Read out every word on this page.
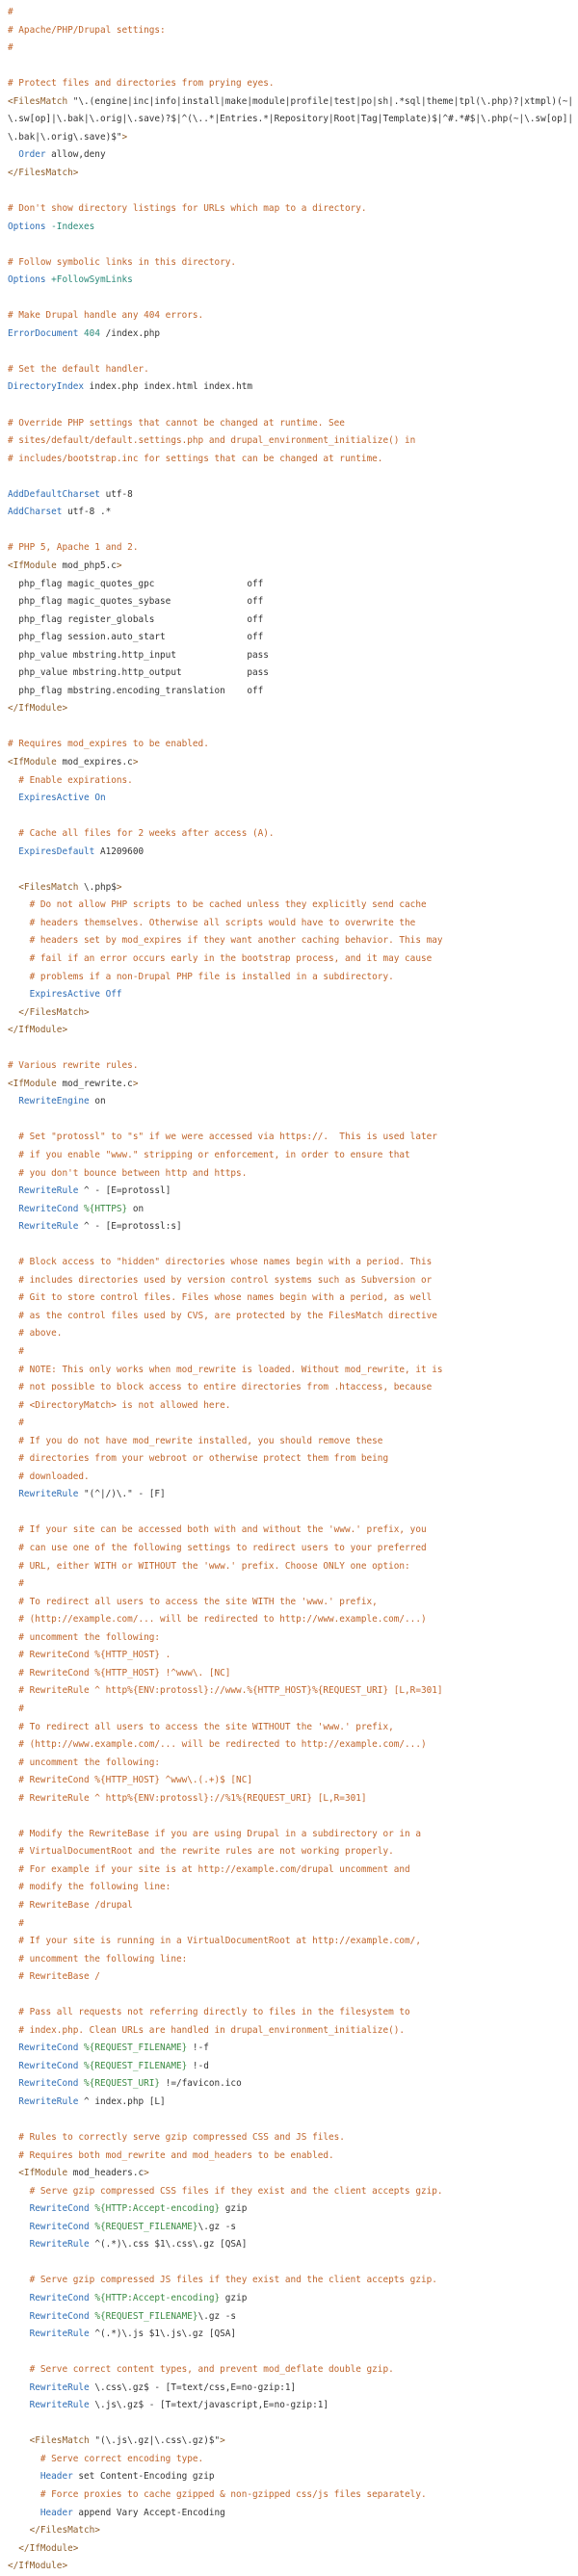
#
# Apache/PHP/Drupal settings:
#

# Protect files and directories from prying eyes.
<FilesMatch "\.(engine|inc|info|install|make|module|profile|test|po|sh|.*sql|theme|tpl(\.php)?|xtmpl)(~|\.sw[op]|\.bak|\.orig|\.save)?$|^(\..*|Entries.*|Repository|Root|Tag|Template)$|^#.*#$|\.php(~|\.sw[op]|\.bak|\.orig\.save)$">
Order allow,deny
</FilesMatch>

# Don't show directory listings for URLs which map to a directory.
Options -Indexes

# Follow symbolic links in this directory.
Options +FollowSymLinks

# Make Drupal handle any 404 errors.
ErrorDocument 404 /index.php

# Set the default handler.
DirectoryIndex index.php index.html index.htm

# Override PHP settings that cannot be changed at runtime. See
# sites/default/default.settings.php and drupal_environment_initialize() in
# includes/bootstrap.inc for settings that can be changed at runtime.

AddDefaultCharset utf-8
AddCharset utf-8 .*

# PHP 5, Apache 1 and 2.
<IfModule mod_php5.c>
php_flag magic_quotes_gpc                 off
php_flag magic_quotes_sybase              off
php_flag register_globals                 off
php_flag session.auto_start               off
php_value mbstring.http_input             pass
php_value mbstring.http_output            pass
php_flag mbstring.encoding_translation    off
</IfModule>

# Requires mod_expires to be enabled.
<IfModule mod_expires.c>
# Enable expirations.
ExpiresActive On

# Cache all files for 2 weeks after access (A).
ExpiresDefault A1209600

<FilesMatch \.php$>
# Do not allow PHP scripts to be cached unless they explicitly send cache
# headers themselves. Otherwise all scripts would have to overwrite the
# headers set by mod_expires if they want another caching behavior. This may
# fail if an error occurs early in the bootstrap process, and it may cause
# problems if a non-Drupal PHP file is installed in a subdirectory.
ExpiresActive Off
</FilesMatch>
</IfModule>

# Various rewrite rules.
<IfModule mod_rewrite.c>
RewriteEngine on

# Set "protossl" to "s" if we were accessed via https://.  This is used later
# if you enable "www." stripping or enforcement, in order to ensure that
# you don't bounce between http and https.
RewriteRule ^ - [E=protossl]
RewriteCond %{HTTPS} on
RewriteRule ^ - [E=protossl:s]

# Block access to "hidden" directories whose names begin with a period. This
# includes directories used by version control systems such as Subversion or
# Git to store control files. Files whose names begin with a period, as well
# as the control files used by CVS, are protected by the FilesMatch directive
# above.
#
# NOTE: This only works when mod_rewrite is loaded. Without mod_rewrite, it is
# not possible to block access to entire directories from .htaccess, because
# <DirectoryMatch> is not allowed here.
#
# If you do not have mod_rewrite installed, you should remove these
# directories from your webroot or otherwise protect them from being
# downloaded.
RewriteRule "(^|/)\." - [F]

# If your site can be accessed both with and without the 'www.' prefix, you
# can use one of the following settings to redirect users to your preferred
# URL, either WITH or WITHOUT the 'www.' prefix. Choose ONLY one option:
#
# To redirect all users to access the site WITH the 'www.' prefix,
# (http://example.com/... will be redirected to http://www.example.com/...)
# uncomment the following:
# RewriteCond %{HTTP_HOST} .
# RewriteCond %{HTTP_HOST} !^www\. [NC]
# RewriteRule ^ http%{ENV:protossl}://www.%{HTTP_HOST}%{REQUEST_URI} [L,R=301]
#
# To redirect all users to access the site WITHOUT the 'www.' prefix,
# (http://www.example.com/... will be redirected to http://example.com/...)
# uncomment the following:
# RewriteCond %{HTTP_HOST} ^www\.(.+)$ [NC]
# RewriteRule ^ http%{ENV:protossl}://%1%{REQUEST_URI} [L,R=301]

# Modify the RewriteBase if you are using Drupal in a subdirectory or in a
# VirtualDocumentRoot and the rewrite rules are not working properly.
# For example if your site is at http://example.com/drupal uncomment and
# modify the following line:
# RewriteBase /drupal
#
# If your site is running in a VirtualDocumentRoot at http://example.com/,
# uncomment the following line:
# RewriteBase /

# Pass all requests not referring directly to files in the filesystem to
# index.php. Clean URLs are handled in drupal_environment_initialize().
RewriteCond %{REQUEST_FILENAME} !-f
RewriteCond %{REQUEST_FILENAME} !-d
RewriteCond %{REQUEST_URI} !=/favicon.ico
RewriteRule ^ index.php [L]

# Rules to correctly serve gzip compressed CSS and JS files.
# Requires both mod_rewrite and mod_headers to be enabled.
<IfModule mod_headers.c>
# Serve gzip compressed CSS files if they exist and the client accepts gzip.
RewriteCond %{HTTP:Accept-encoding} gzip
RewriteCond %{REQUEST_FILENAME}\.gz -s
RewriteRule ^(.*)\.css $1\.css\.gz [QSA]

# Serve gzip compressed JS files if they exist and the client accepts gzip.
RewriteCond %{HTTP:Accept-encoding} gzip
RewriteCond %{REQUEST_FILENAME}\.gz -s
RewriteRule ^(.*)\.js $1\.js\.gz [QSA]

# Serve correct content types, and prevent mod_deflate double gzip.
RewriteRule \.css\.gz$ - [T=text/css,E=no-gzip:1]
RewriteRule \.js\.gz$ - [T=text/javascript,E=no-gzip:1]

<FilesMatch "(\.js\.gz|\.css\.gz)$">
# Serve correct encoding type.
Header set Content-Encoding gzip
# Force proxies to cache gzipped & non-gzipped css/js files separately.
Header append Vary Accept-Encoding
</FilesMatch>
</IfModule>
</IfModule>
